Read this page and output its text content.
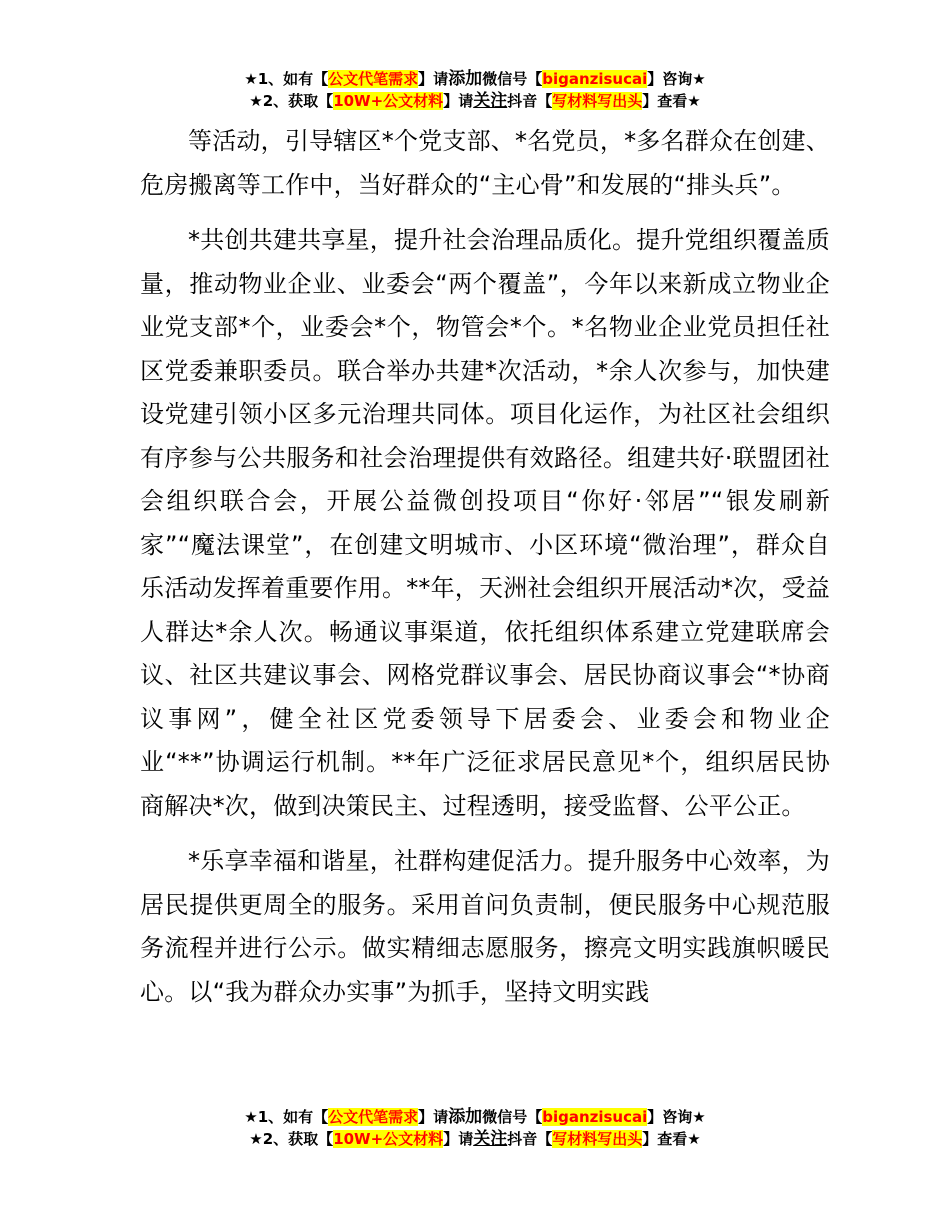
★1、如有【公文代笔需求】请添加微信号【biganzisucai】咨询★
★2、获取【10W+公文材料】请关注抖音【写材料写出头】查看★

等活动，引导辖区*个党支部、*名党员，*多名群众在创建、危房搬离等工作中，当好群众的“主心骨”和发展的“排头兵”。

*共创共建共享星，提升社会治理品质化。提升党组织覆盖质量，推动物业企业、业委会“两个覆盖”，今年以来新成立物业企业党支部*个，业委会*个，物管会*个。*名物业企业党员担任社区党委兼职委员。联合举办共建*次活动，*余人次参与，加快建设党建引领小区多元治理共同体。项目化运作，为社区社会组织有序参与公共服务和社会治理提供有效路径。组建共好·联盟团社会组织联合会，开展公益微创投项目“你好·邻居”“银发刷新家”“魔法课堂”，在创建文明城市、小区环境“微治理”，群众自乐活动发挥着重要作用。**年，天洲社会组织开展活动*次，受益人群达*余人次。畅通议事渠道，依托组织体系建立党建联席会议、社区共建议事会、网格党群议事会、居民协商议事会“*协商议事网”，健全社区党委领导下居委会、业委会和物业企业“**”协调运行机制。**年广泛征求居民意见*个，组织居民协商解决*次，做到决策民主、过程透明，接受监督、公平公正。

*乐享幸福和谐星，社群构建促活力。提升服务中心效率，为居民提供更周全的服务。采用首问负责制，便民服务中心规范服务流程并进行公示。做实精细志愿服务，擦亮文明实践旗帜暖民心。以“我为群众办实事”为抓手，坚持文明实践

★1、如有【公文代笔需求】请添加微信号【biganzisucai】咨询★
★2、获取【10W+公文材料】请关注抖音【写材料写出头】查看★
